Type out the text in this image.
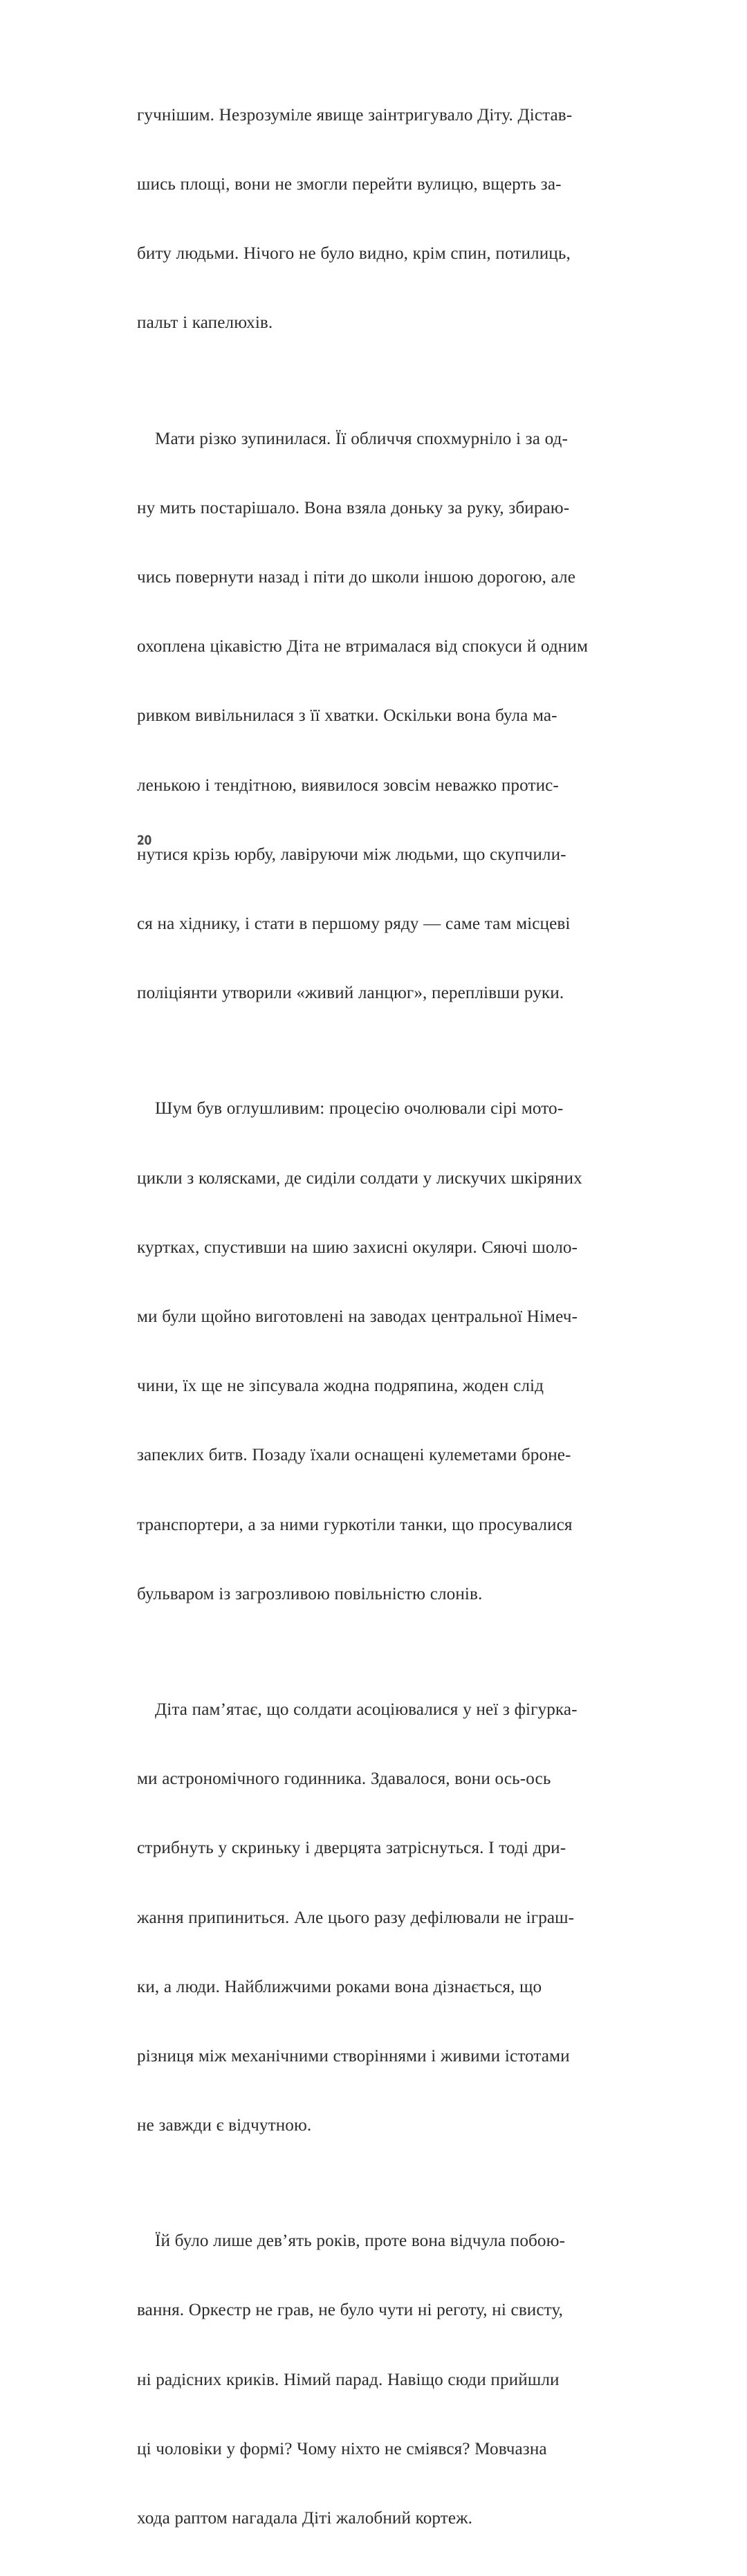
гучнішим. Незрозуміле явище заінтригувало Діту. Дістав-

шись площі, вони не змогли перейти вулицю, вщерть за-

биту людьми. Нічого не було видно, крім спин, потилиць,

пальт і капелюхів.

Мати різко зупинилася. Її обличчя спохмурніло і за од-

ну мить постарішало. Вона взяла доньку за руку, збираю-

чись повернути назад і піти до школи іншою дорогою, але

охоплена цікавістю Діта не втрималася від спокуси й одним

ривком вивільнилася з її хватки. Оскільки вона була ма-

ленькою і тендітною, виявилося зовсім неважко протис-

нутися крізь юрбу, лавіруючи між людьми, що скупчили-

ся на хіднику, і стати в першому ряду — саме там місцеві

поліціянти утворили «живий ланцюг», переплівши руки.

Шум був оглушливим: процесію очолювали сірі мото-

цикли з колясками, де сиділи солдати у лискучих шкіряних

куртках, спустивши на шию захисні окуляри. Сяючі шоло-

ми були щойно виготовлені на заводах центральної Німеч-

чини, їх ще не зіпсувала жодна подряпина, жоден слід

запеклих битв. Позаду їхали оснащені кулеметами броне-

транспортери, а за ними гуркотіли танки, що просувалися

бульваром із загрозливою повільністю слонів.

Діта пам’ятає, що солдати асоціювалися у неї з фігурка-

ми астрономічного годинника. Здавалося, вони ось-ось

стрибнуть у скриньку і дверцята затріснуться. І тоді дри-

жання припиниться. Але цього разу дефілювали не іграш-

ки, а люди. Найближчими роками вона дізнається, що

різниця між механічними створіннями і живими істотами

не завжди є відчутною.

Їй було лише дев’ять років, проте вона відчула побою-

вання. Оркестр не грав, не було чути ні реготу, ні свисту,

ні радісних криків. Німий парад. Навіщо сюди прийшли

ці чоловіки у формі? Чому ніхто не сміявся? Мовчазна

хода раптом нагадала Діті жалобний кортеж.

20
